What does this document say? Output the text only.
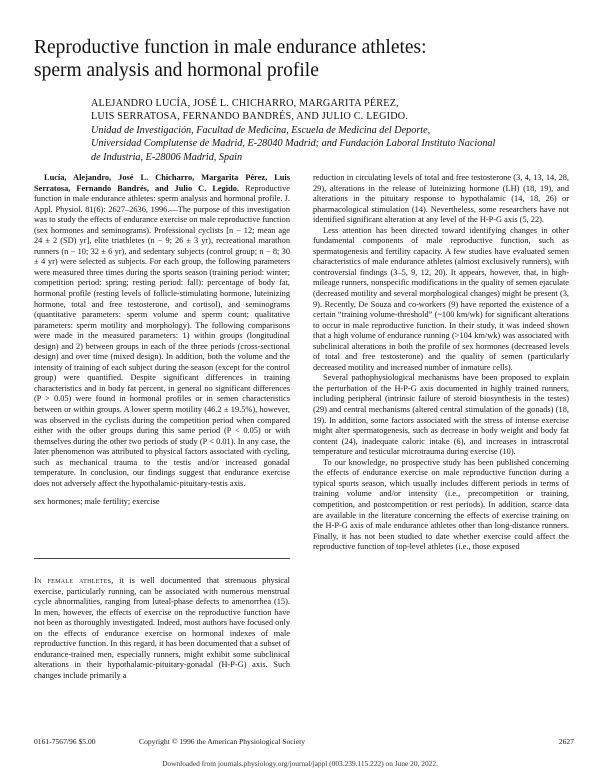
Reproductive function in male endurance athletes:
sperm analysis and hormonal profile
ALEJANDRO LUCÍA, JOSÉ L. CHICHARRO, MARGARITA PÉREZ,
LUIS SERRATOSA, FERNANDO BANDRÉS, AND JULIO C. LEGIDO.
Unidad de Investigación, Facultad de Medicina, Escuela de Medicina del Deporte,
Universidad Complutense de Madrid, E-28040 Madrid; and Fundación Laboral Instituto Nacional
de Industria, E-28006 Madrid, Spain

Lucía, Alejandro, José L. Chicharro, Margarita Pérez, Luis Serratosa, Fernando Bandrés, and Julio C. Legido. Reproductive function in male endurance athletes: sperm analysis and hormonal profile. J. Appl. Physiol. 81(6): 2627–2636, 1996.—The purpose of this investigation was to study the effects of endurance exercise on male reproductive function (sex hormones and seminograms). Professional cyclists [n − 12; mean age 24 ± 2 (SD) yr], elite triathletes (n − 9; 26 ± 3 yr), recreational marathon runners (n − 10; 32 ± 6 yr), and sedentary subjects (control group; n − 8; 30 ± 4 yr) were selected as subjects. For each group, the following parameters were measured three times during the sports season (training period: winter; competition period: spring; resting period: fall): percentage of body fat, hormonal profile (resting levels of follicle-stimulating hormone, luteinizing hormone, total and free testosterone, and cortisol), and seminograms (quantitative parameters: sperm volume and sperm count; qualitative parameters: sperm motility and morphology). The following comparisons were made in the measured parameters: 1) within groups (longitudinal design) and 2) between groups in each of the three periods (cross-sectional design) and over time (mixed design). In addition, both the volume and the intensity of training of each subject during the season (except for the control group) were quantified. Despite significant differences in training characteristics and in body fat percent, in general no significant differences (P > 0.05) were found in hormonal profiles or in semen characteristics between or within groups. A lower sperm motility (46.2 ± 19.5%), however, was observed in the cyclists during the competition period when compared either with the other groups during this same period (P < 0.05) or with themselves during the other two periods of study (P < 0.01). In any case, the later phenomenon was attributed to physical factors associated with cycling, such as mechanical trauma to the testis and/or increased gonadal temperature. In conclusion, our findings suggest that endurance exercise does not adversely affect the hypothalamic-pituitary-testis axis.

sex hormones; male fertility; exercise

In female athletes, it is well documented that strenuous physical exercise, particularly running, can be associated with numerous menstrual cycle abnormalities, ranging from luteal-phase defects to amenorrhea (15). In men, however, the effects of exercise on the reproductive function have not been as thoroughly investigated. Indeed, most authors have focused only on the effects of endurance exercise on hormonal indexes of male reproductive function. In this regard, it has been documented that a subset of endurance-trained men, especially runners, might exhibit some subclinical alterations in their hypothalamic-pituitary-gonadal (H-P-G) axis. Such changes include primarily a

reduction in circulating levels of total and free testosterone (3, 4, 13, 14, 28, 29), alterations in the release of luteinizing hormone (LH) (18, 19), and alterations in the pituitary response to hypothalamic (14, 18, 26) or pharmacological stimulation (14). Nevertheless, some researchers have not identified significant alteration at any level of the H-P-G axis (5, 22).

Less attention has been directed toward identifying changes in other fundamental components of male reproductive function, such as spermatogenesis and fertility capacity. A few studies have evaluated semen characteristics of male endurance athletes (almost exclusively runners), with controversial findings (3–5, 9, 12, 20). It appears, however, that, in high-mileage runners, nonspecific modifications in the quality of semen ejaculate (decreased motility and several morphological changes) might be present (3, 9). Recently, De Souza and co-workers (9) have reported the existence of a certain “training volume-threshold” (~100 km/wk) for significant alterations to occur in male reproductive function. In their study, it was indeed shown that a high volume of endurance running (>104 km/wk) was associated with subclinical alterations in both the profile of sex hormones (decreased levels of total and free testosterone) and the quality of semen (particularly decreased motility and increased number of inmature cells).

Several pathophysiological mechanisms have been proposed to explain the perturbation of the H-P-G axis documented in highly trained runners, including peripheral (intrinsic failure of steroid biosynthesis in the testes) (29) and central mechanisms (altered central stimulation of the gonads) (18, 19). In addition, some factors associated with the stress of intense exercise might alter spermatogenesis, such as decrease in body weight and body fat content (24), inadequate caloric intake (6), and increases in intrascrotal temperature and testicular microtrauma during exercise (10).

To our knowledge, no prospective study has been published concerning the effects of endurance exercise on male reproductive function during a typical sports season, which usually includes different periods in terms of training volume and/or intensity (i.e., precompetition or training, competition, and postcompetition or rest periods). In addition, scarce data are available in the literature concerning the effects of exercise training on the H-P-G axis of male endurance athletes other than long-distance runners. Finally, it has not been studied to date whether exercise could affect the reproductive function of top-level athletes (i.e., those exposed

0161-7567/96 $5.00	Copyright © 1996 the American Physiological Society	2627
Downloaded from journals.physiology.org/journal/jappl (003.239.115.222) on June 20, 2022.
